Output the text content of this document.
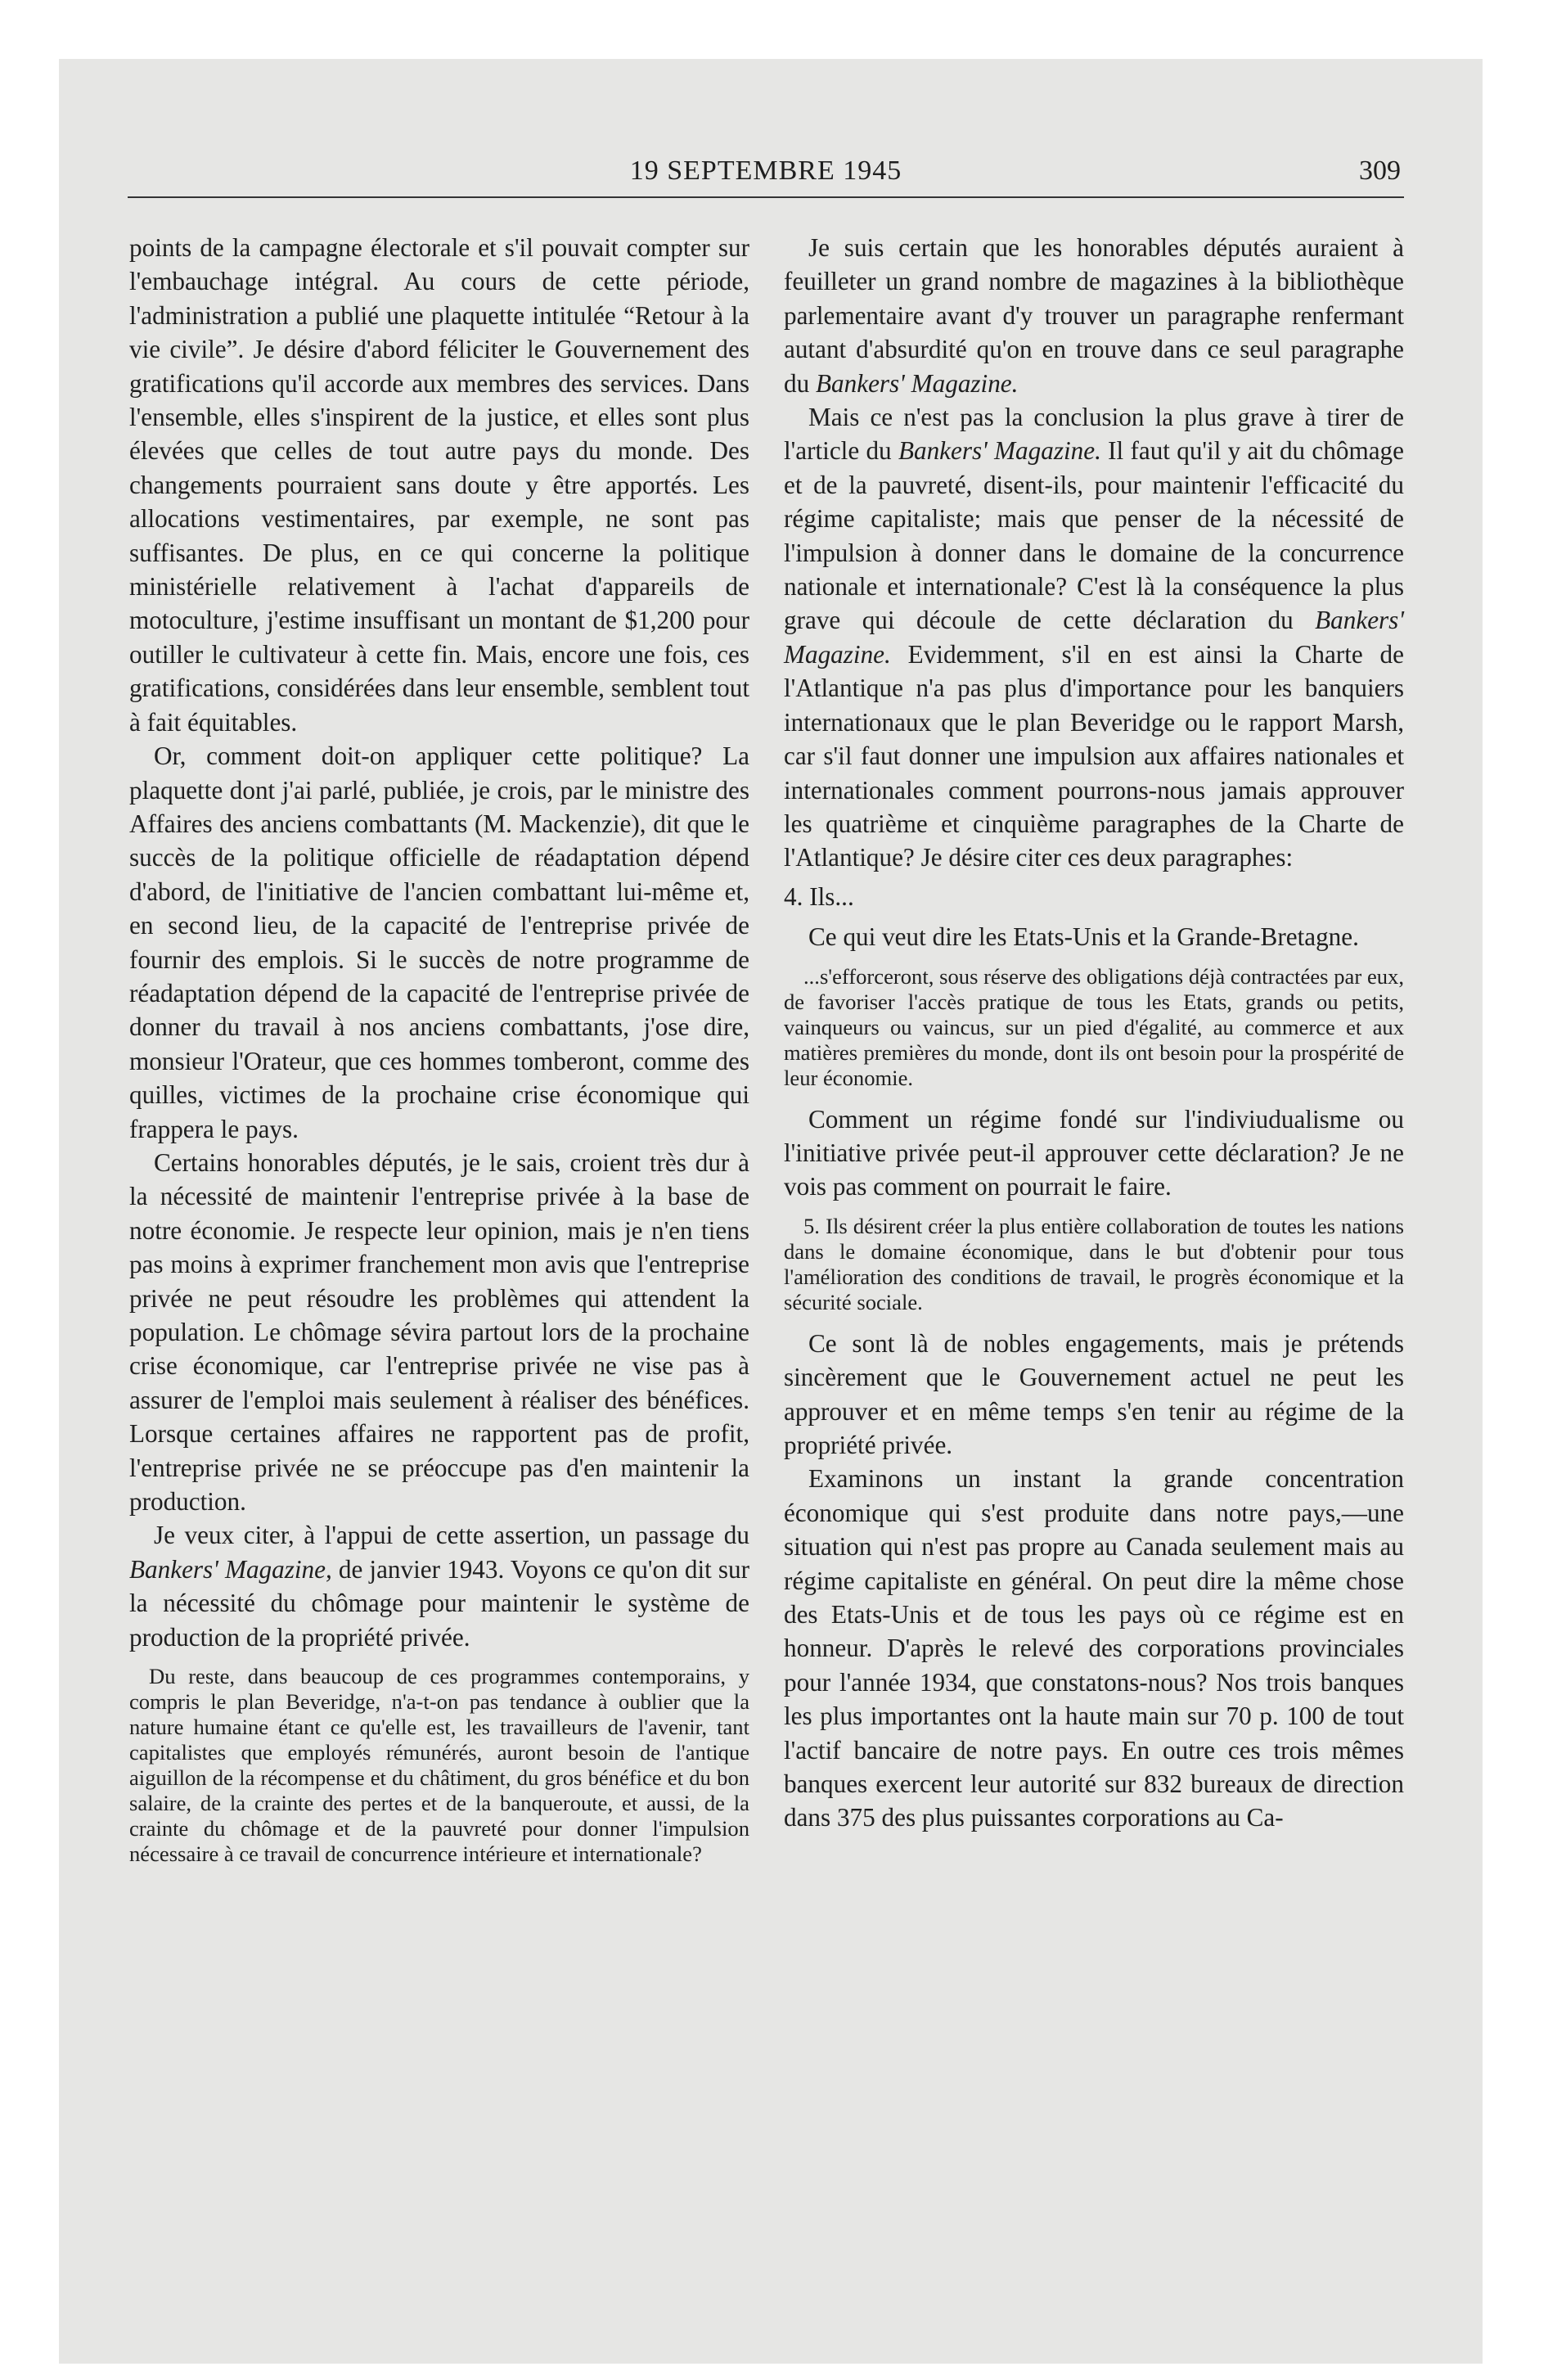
19 SEPTEMBRE 1945	309

points de la campagne électorale et s'il pouvait compter sur l'embauchage intégral. Au cours de cette période, l'administration a publié une plaquette intitulée “Retour à la vie civile”. Je désire d'abord féliciter le Gouvernement des gratifications qu'il accorde aux membres des services. Dans l'ensemble, elles s'inspirent de la justice, et elles sont plus élevées que celles de tout autre pays du monde. Des changements pourraient sans doute y être apportés. Les allocations vestimentaires, par exemple, ne sont pas suffisantes. De plus, en ce qui concerne la politique ministérielle relativement à l'achat d'appareils de motoculture, j'estime insuffisant un montant de $1,200 pour outiller le cultivateur à cette fin. Mais, encore une fois, ces gratifications, considérées dans leur ensemble, semblent tout à fait équitables.

Or, comment doit-on appliquer cette politique? La plaquette dont j'ai parlé, publiée, je crois, par le ministre des Affaires des anciens combattants (M. Mackenzie), dit que le succès de la politique officielle de réadaptation dépend d'abord, de l'initiative de l'ancien combattant lui-même et, en second lieu, de la capacité de l'entreprise privée de fournir des emplois. Si le succès de notre programme de réadaptation dépend de la capacité de l'entreprise privée de donner du travail à nos anciens combattants, j'ose dire, monsieur l'Orateur, que ces hommes tomberont, comme des quilles, victimes de la prochaine crise économique qui frappera le pays.

Certains honorables députés, je le sais, croient très dur à la nécessité de maintenir l'entreprise privée à la base de notre économie. Je respecte leur opinion, mais je n'en tiens pas moins à exprimer franchement mon avis que l'entreprise privée ne peut résoudre les problèmes qui attendent la population. Le chômage sévira partout lors de la prochaine crise économique, car l'entreprise privée ne vise pas à assurer de l'emploi mais seulement à réaliser des bénéfices. Lorsque certaines affaires ne rapportent pas de profit, l'entreprise privée ne se préoccupe pas d'en maintenir la production.

Je veux citer, à l'appui de cette assertion, un passage du Bankers' Magazine, de janvier 1943. Voyons ce qu'on dit sur la nécessité du chômage pour maintenir le système de production de la propriété privée.

Du reste, dans beaucoup de ces programmes contemporains, y compris le plan Beveridge, n'a-t-on pas tendance à oublier que la nature humaine étant ce qu'elle est, les travailleurs de l'avenir, tant capitalistes que employés rémunérés, auront besoin de l'antique aiguillon de la récompense et du châtiment, du gros bénéfice et du bon salaire, de la crainte des pertes et de la banqueroute, et aussi, de la crainte du chômage et de la pauvreté pour donner l'impulsion nécessaire à ce travail de concurrence intérieure et internationale?

Je suis certain que les honorables députés auraient à feuilleter un grand nombre de magazines à la bibliothèque parlementaire avant d'y trouver un paragraphe renfermant autant d'absurdité qu'on en trouve dans ce seul paragraphe du Bankers' Magazine.

Mais ce n'est pas la conclusion la plus grave à tirer de l'article du Bankers' Magazine. Il faut qu'il y ait du chômage et de la pauvreté, disent-ils, pour maintenir l'efficacité du régime capitaliste; mais que penser de la nécessité de l'impulsion à donner dans le domaine de la concurrence nationale et internationale? C'est là la conséquence la plus grave qui découle de cette déclaration du Bankers' Magazine. Evidemment, s'il en est ainsi la Charte de l'Atlantique n'a pas plus d'importance pour les banquiers internationaux que le plan Beveridge ou le rapport Marsh, car s'il faut donner une impulsion aux affaires nationales et internationales comment pourrons-nous jamais approuver les quatrième et cinquième paragraphes de la Charte de l'Atlantique? Je désire citer ces deux paragraphes:

4. Ils...

Ce qui veut dire les Etats-Unis et la Grande-Bretagne.

...s'efforceront, sous réserve des obligations déjà contractées par eux, de favoriser l'accès pratique de tous les Etats, grands ou petits, vainqueurs ou vaincus, sur un pied d'égalité, au commerce et aux matières premières du monde, dont ils ont besoin pour la prospérité de leur économie.

Comment un régime fondé sur l'indiviudualisme ou l'initiative privée peut-il approuver cette déclaration? Je ne vois pas comment on pourrait le faire.

5. Ils désirent créer la plus entière collaboration de toutes les nations dans le domaine économique, dans le but d'obtenir pour tous l'amélioration des conditions de travail, le progrès économique et la sécurité sociale.

Ce sont là de nobles engagements, mais je prétends sincèrement que le Gouvernement actuel ne peut les approuver et en même temps s'en tenir au régime de la propriété privée.

Examinons un instant la grande concentration économique qui s'est produite dans notre pays,—une situation qui n'est pas propre au Canada seulement mais au régime capitaliste en général. On peut dire la même chose des Etats-Unis et de tous les pays où ce régime est en honneur. D'après le relevé des corporations provinciales pour l'année 1934, que constatons-nous? Nos trois banques les plus importantes ont la haute main sur 70 p. 100 de tout l'actif bancaire de notre pays. En outre ces trois mêmes banques exercent leur autorité sur 832 bureaux de direction dans 375 des plus puissantes corporations au Ca-
